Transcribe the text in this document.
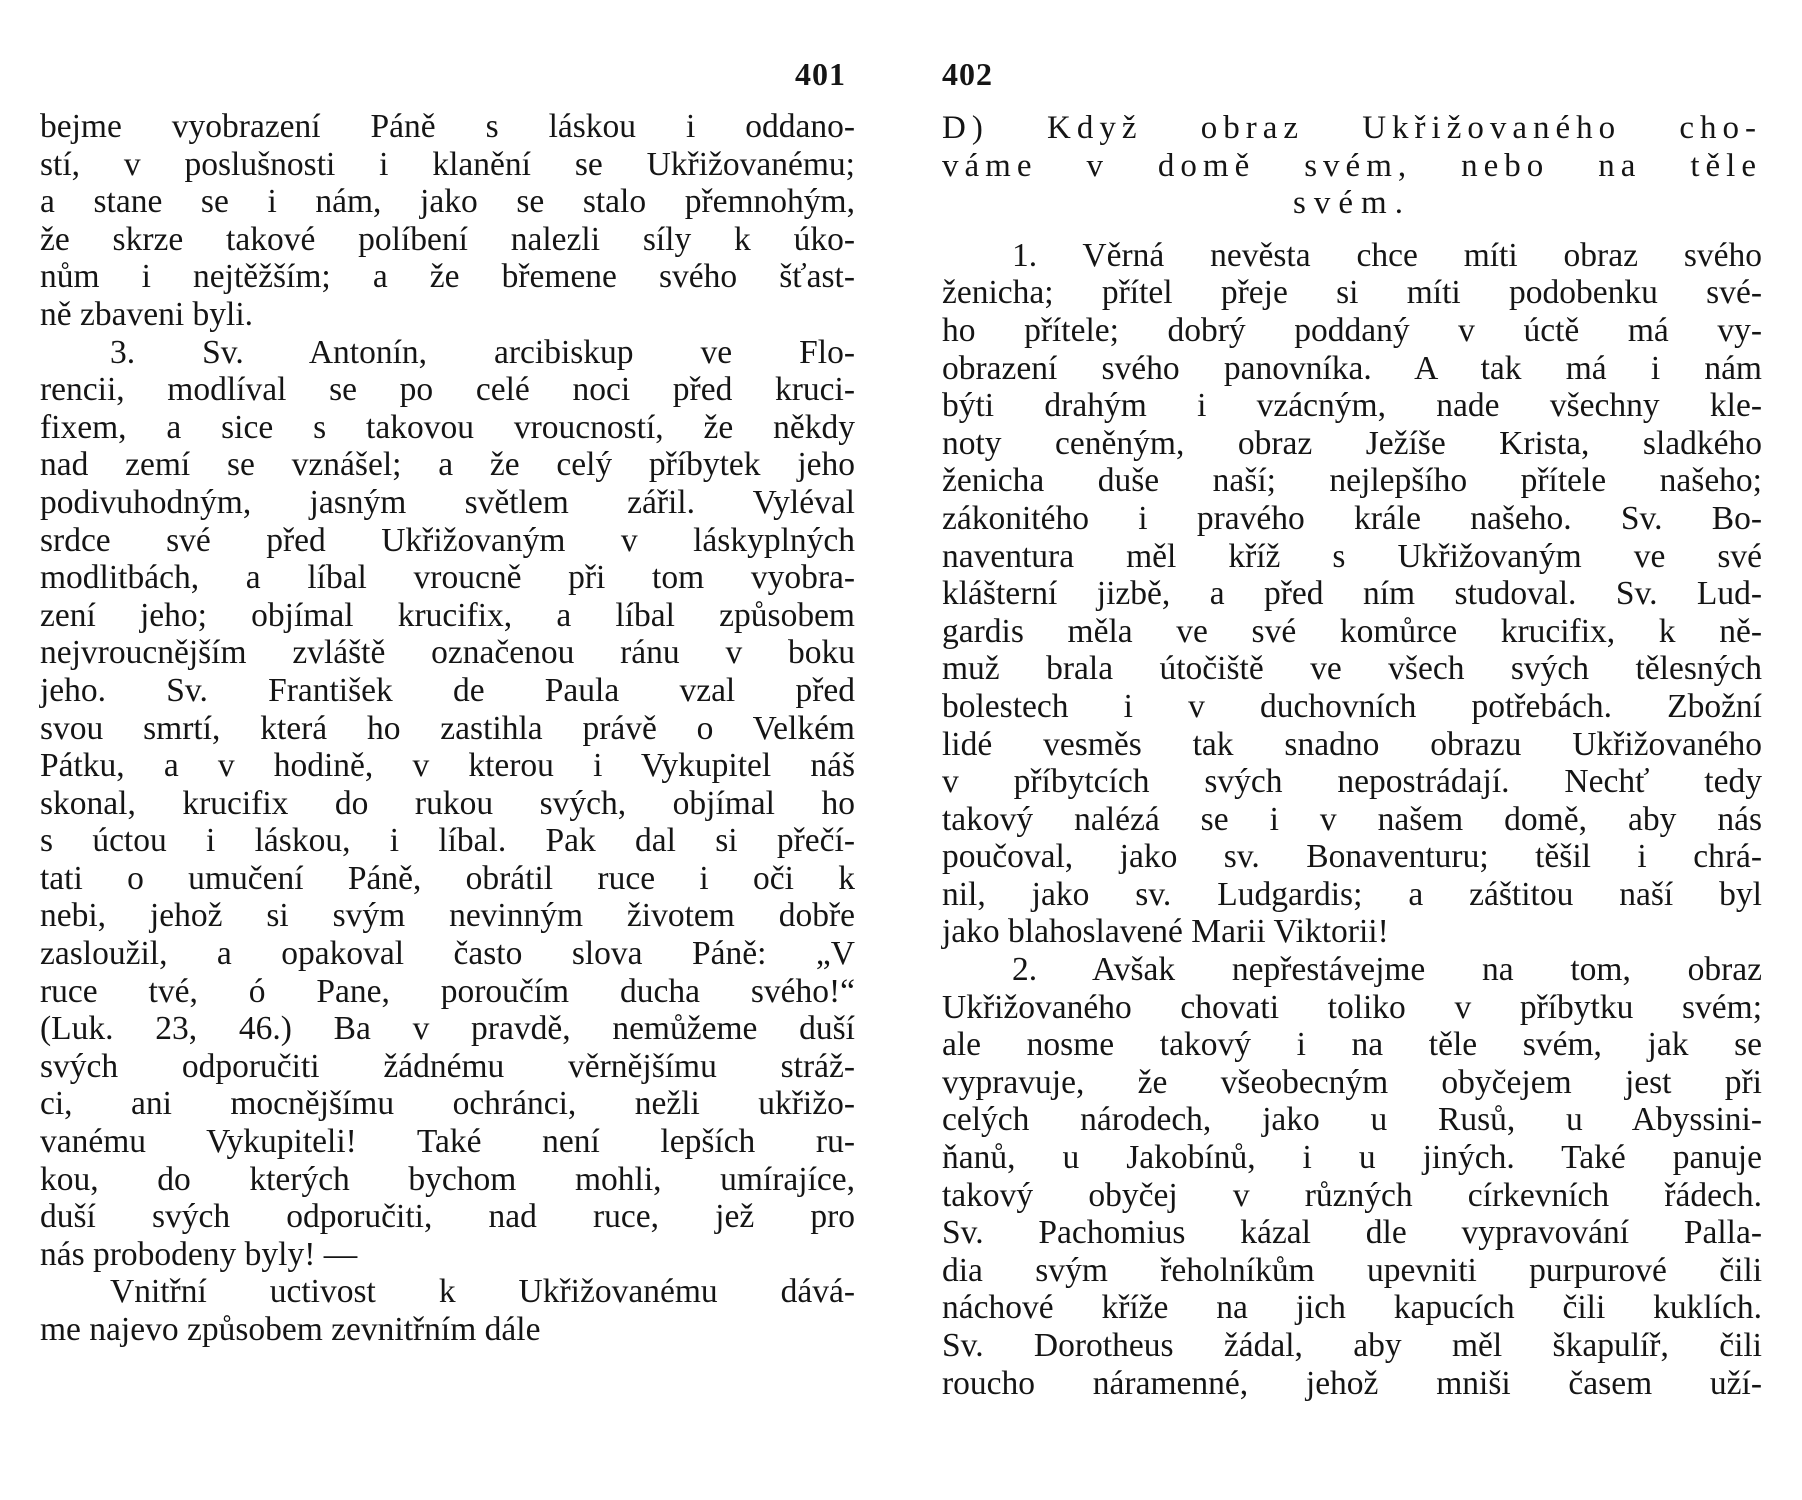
401
bejme vyobrazení Páně s láskou i oddano-
stí, v poslušnosti i klanění se Ukřižovanému;
a stane se i nám, jako se stalo přemnohým,
že skrze takové políbení nalezli síly k úko-
nům i nejtěžším; a že břemene svého šťast-
ně zbaveni byli.
3. Sv. Antonín, arcibiskup ve Flo-
rencii, modlíval se po celé noci před kruci-
fixem, a sice s takovou vroucností, že někdy
nad zemí se vznášel; a že celý příbytek jeho
podivuhodným, jasným světlem zářil. Vyléval
srdce své před Ukřižovaným v láskyplných
modlitbách, a líbal vroucně při tom vyobra-
zení jeho; objímal krucifix, a líbal způsobem
nejvroucnějším zvláště označenou ránu v boku
jeho. Sv. František de Paula vzal před
svou smrtí, která ho zastihla právě o Velkém
Pátku, a v hodině, v kterou i Vykupitel náš
skonal, krucifix do rukou svých, objímal ho
s úctou i láskou, i líbal. Pak dal si přečí-
tati o umučení Páně, obrátil ruce i oči k
nebi, jehož si svým nevinným životem dobře
zasloužil, a opakoval často slova Páně: „V
ruce tvé, ó Pane, poroučím ducha svého!“
(Luk. 23, 46.) Ba v pravdě, nemůžeme duší
svých odporučiti žádnému věrnějšímu stráž-
ci, ani mocnějšímu ochránci, nežli ukřižo-
vanému Vykupiteli! Také není lepších ru-
kou, do kterých bychom mohli, umírajíce,
duší svých odporučiti, nad ruce, jež pro
nás probodeny byly! —
Vnitřní uctivost k Ukřižovanému dává-
me najevo způsobem zevnitřním dále
402
D) Když obraz Ukřižovaného cho-
váme v domě svém, nebo na těle
svém.
1. Věrná nevěsta chce míti obraz svého
ženicha; přítel přeje si míti podobenku své-
ho přítele; dobrý poddaný v úctě má vy-
obrazení svého panovníka. A tak má i nám
býti drahým i vzácným, nade všechny kle-
noty ceněným, obraz Ježíše Krista, sladkého
ženicha duše naší; nejlepšího přítele našeho;
zákonitého i pravého krále našeho. Sv. Bo-
naventura měl kříž s Ukřižovaným ve své
klášterní jizbě, a před ním studoval. Sv. Lud-
gardis měla ve své komůrce krucifix, k ně-
muž brala útočiště ve všech svých tělesných
bolestech i v duchovních potřebách. Zbožní
lidé vesměs tak snadno obrazu Ukřižovaného
v příbytcích svých nepostrádají. Nechť tedy
takový nalézá se i v našem domě, aby nás
poučoval, jako sv. Bonaventuru; těšil i chrá-
nil, jako sv. Ludgardis; a záštitou naší byl
jako blahoslavené Marii Viktorii!
2. Avšak nepřestávejme na tom, obraz
Ukřižovaného chovati toliko v příbytku svém;
ale nosme takový i na těle svém, jak se
vypravuje, že všeobecným obyčejem jest při
celých národech, jako u Rusů, u Abyssini-
ňanů, u Jakobínů, i u jiných. Také panuje
takový obyčej v různých církevních řádech.
Sv. Pachomius kázal dle vypravování Palla-
dia svým řeholníkům upevniti purpurové čili
náchové kříže na jich kapucích čili kuklích.
Sv. Dorotheus žádal, aby měl škapulíř, čili
roucho náramenné, jehož mniši časem uží-
